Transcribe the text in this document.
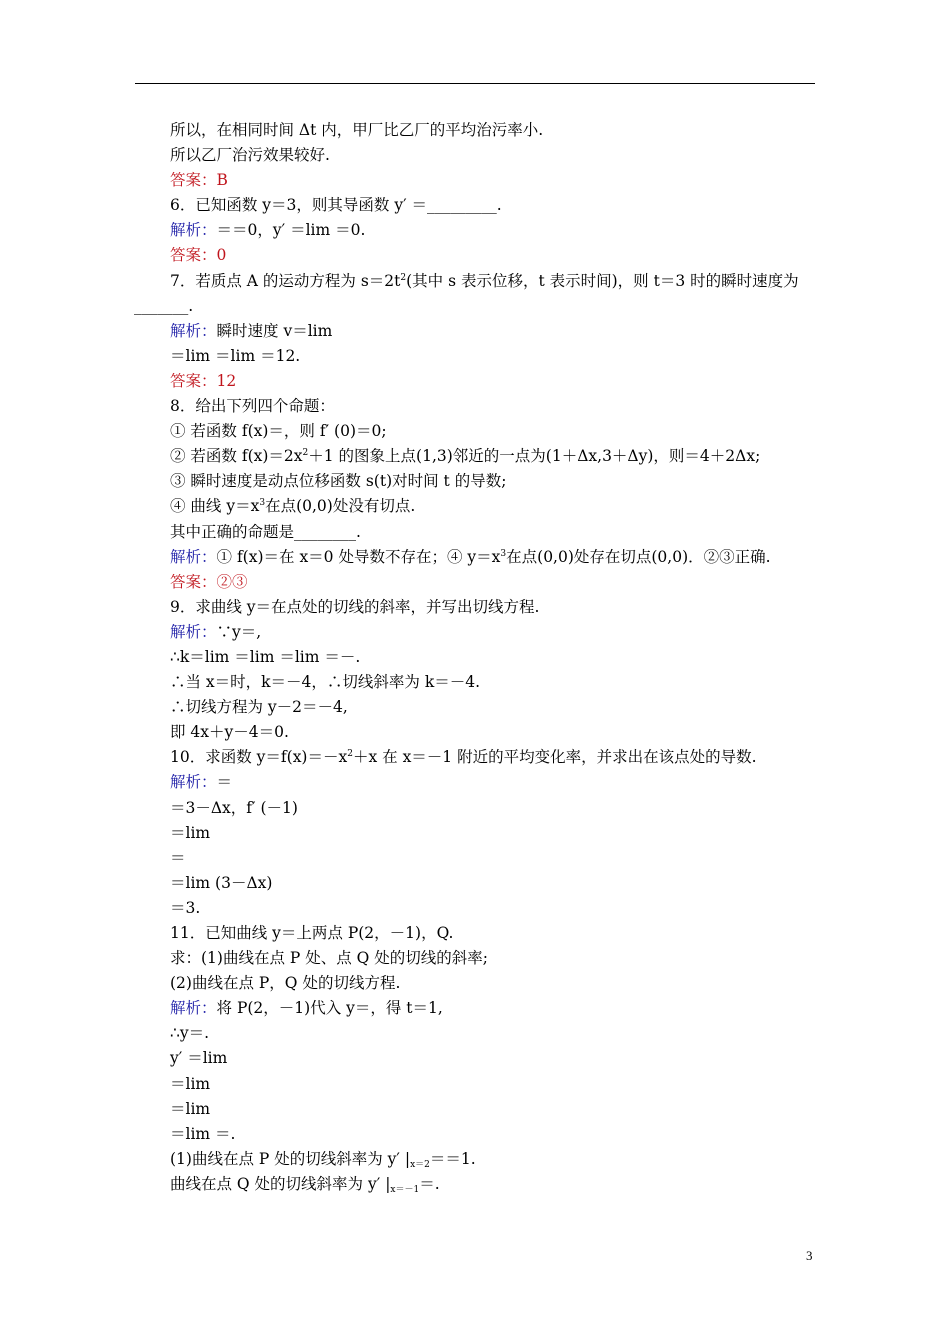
所以，在相同时间 Δt 内，甲厂比乙厂的平均治污率小.
所以乙厂治污效果较好.
答案：B
6．已知函数 y＝3，则其导函数 y′ ＝_________.
解析：＝＝0，y′ ＝lim ＝0.
答案：0
7．若质点 A 的运动方程为 $s=2t^2$(其中 s 表示位移，t 表示时间)，则 t＝3 时的瞬时速度为
_______.
解析：瞬时速度 v＝lim
＝lim ＝lim ＝12.
答案：12
8．给出下列四个命题：
① 若函数 f(x)＝，则 f′ (0)＝0;
② 若函数 $f(x)=2x^2+1$ 的图象上点(1,3)邻近的一点为(1＋Δx,3＋Δy)，则＝4＋2Δx;
③ 瞬时速度是动点位移函数 s(t)对时间 t 的导数;
④ 曲线 $y=x^3$在点(0,0)处没有切点.
其中正确的命题是________.
解析：① f(x)＝在 x＝0 处导数不存在；④ $y=x^3$在点(0,0)处存在切点(0,0)．②③正确.
答案：②③
9．求曲线 y＝在点处的切线的斜率，并写出切线方程.
解析：∵y＝,
∴k＝lim ＝lim ＝lim ＝－.
∴当 x＝时，k＝－4，∴切线斜率为 k＝－4.
∴切线方程为 y－2＝－4,
即 4x＋y－4＝0.
10．求函数 $y=f(x)=-x^2+x$ 在 x＝－1 附近的平均变化率，并求出在该点处的导数.
解析：＝
＝3－Δx，f′ (－1)
＝lim
＝
＝lim (3－Δx)
＝3.
11．已知曲线 y＝上两点 P(2，－1)，Q.
求：(1)曲线在点 P 处、点 Q 处的切线的斜率;
(2)曲线在点 P，Q 处的切线方程.
解析：将 P(2，－1)代入 y＝，得 t＝1,
∴y＝.
y′ ＝lim
＝lim
＝lim
＝lim ＝.
(1)曲线在点 P 处的切线斜率为 y′ $|_{x=2}==1$.
曲线在点 Q 处的切线斜率为 y′ $|_{x=-1}=$.
3
